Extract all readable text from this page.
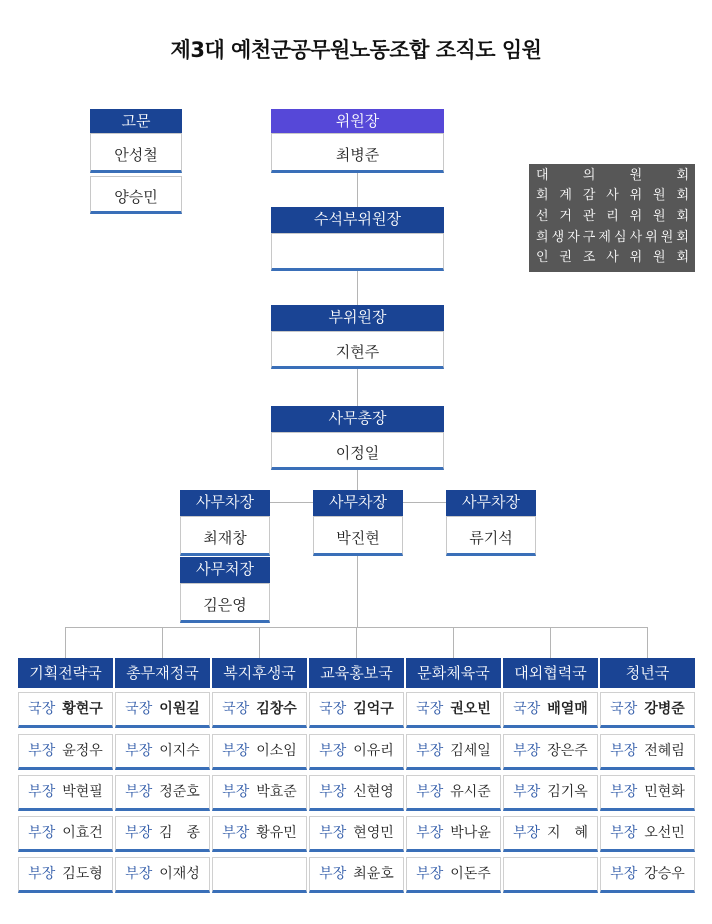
제3대 예천군공무원노동조합 조직도 임원
고문
안성철
양승민
위원장
최병준
수석부위원장
부위원장
지현주
사무총장
이정일
사무차장
최재창
사무차장
박진현
사무차장
류기석
사무처장
김은영
대	의	원	회
회 계 감 사 위 원 회
선 거 관 리 위 원 회
희 생 자 구 제 심 사 위 원 회
인 권 조 사 위 원 회
기획전략국
국장 황현구
부장 윤정우
부장 박현필
부장 이효건
부장 김도형
총무재정국
국장 이원길
부장 이지수
부장 정준호
부장 김　종
부장 이재성
복지후생국
국장 김창수
부장 이소임
부장 박효준
부장 황유민
교육홍보국
국장 김억구
부장 이유리
부장 신현영
부장 현영민
부장 최윤호
문화체육국
국장 권오빈
부장 김세일
부장 유시준
부장 박나윤
부장 이돈주
대외협력국
국장 배열매
부장 장은주
부장 김기옥
부장 지　혜
청년국
국장 강병준
부장 전혜림
부장 민현화
부장 오선민
부장 강승우
